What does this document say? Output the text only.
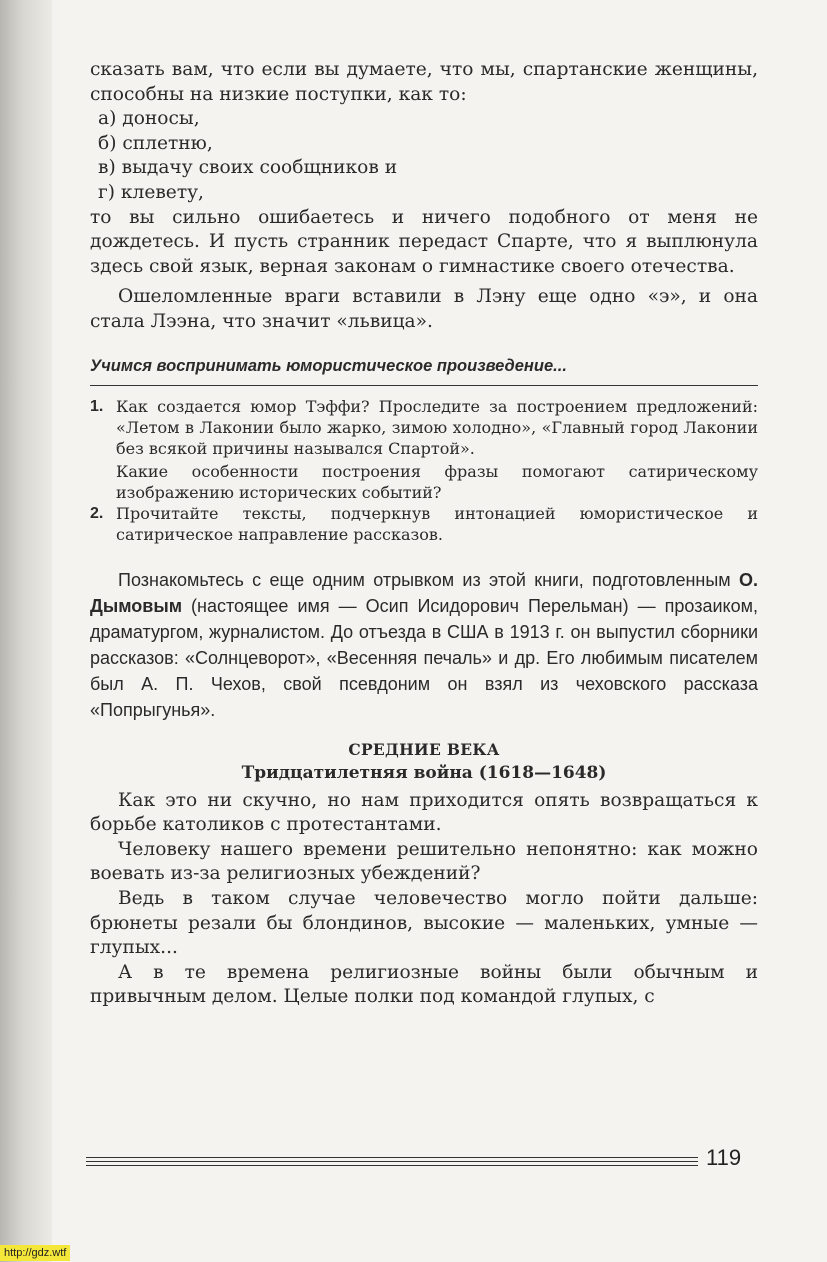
сказать вам, что если вы думаете, что мы, спартанские женщины, способны на низкие поступки, как то:

а) доносы,

б) сплетню,

в) выдачу своих сообщников и

г) клевету,

то вы сильно ошибаетесь и ничего подобного от меня не дождетесь. И пусть странник передаст Спарте, что я выплюнула здесь свой язык, верная законам о гимнастике своего отечества.

Ошеломленные враги вставили в Лэну еще одно «э», и она стала Лээна, что значит «львица».

Учимся воспринимать юмористическое произведение...

1. Как создается юмор Тэффи? Проследите за построением предложений: «Летом в Лаконии было жарко, зимою холодно», «Главный город Лаконии без всякой причины назывался Спартой».

Какие особенности построения фразы помогают сатирическому изображению исторических событий?

2. Прочитайте тексты, подчеркнув интонацией юмористическое и сатирическое направление рассказов.

Познакомьтесь с еще одним отрывком из этой книги, подготовленным О. Дымовым (настоящее имя — Осип Исидорович Перельман) — прозаиком, драматургом, журналистом. До отъезда в США в 1913 г. он выпустил сборники рассказов: «Солнцеворот», «Весенняя печаль» и др. Его любимым писателем был А. П. Чехов, свой псевдоним он взял из чеховского рассказа «Попрыгунья».

СРЕДНИЕ ВЕКА

Тридцатилетняя война (1618—1648)

Как это ни скучно, но нам приходится опять возвращаться к борьбе католиков с протестантами.

Человеку нашего времени решительно непонятно: как можно воевать из-за религиозных убеждений?

Ведь в таком случае человечество могло пойти дальше: брюнеты резали бы блондинов, высокие — маленьких, умные — глупых...

А в те времена религиозные войны были обычным и привычным делом. Целые полки под командой глупых, с

119
http://gdz.wtf
